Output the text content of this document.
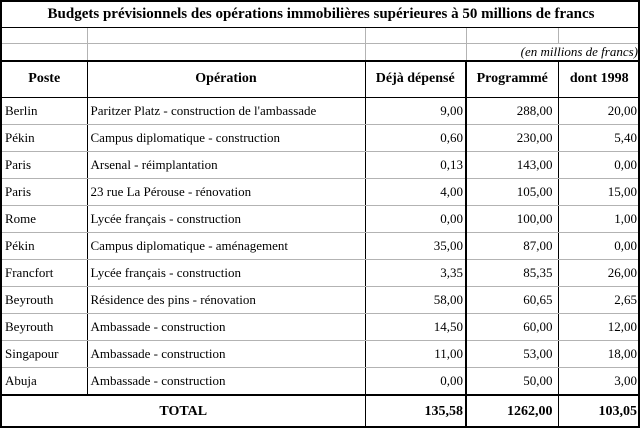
Budgets prévisionnels des opérations immobilières supérieures à 50 millions de francs				

			(en millions de francs)	
Poste	Opération	Déjà dépensé	Programmé	dont 1998
Berlin	Paritzer Platz - construction de l'ambassade	9,00	288,00	20,00
Pékin	Campus diplomatique - construction	0,60	230,00	5,40
Paris	Arsenal - réimplantation	0,13	143,00	0,00
Paris	23 rue La Pérouse - rénovation	4,00	105,00	15,00
Rome	Lycée français - construction	0,00	100,00	1,00
Pékin	Campus diplomatique - aménagement	35,00	87,00	0,00
Francfort	Lycée français - construction	3,35	85,35	26,00
Beyrouth	Résidence des pins - rénovation	58,00	60,65	2,65
Beyrouth	Ambassade - construction	14,50	60,00	12,00
Singapour	Ambassade - construction	11,00	53,00	18,00
Abuja	Ambassade - construction	0,00	50,00	3,00
TOTAL		135,58	1262,00	103,05
